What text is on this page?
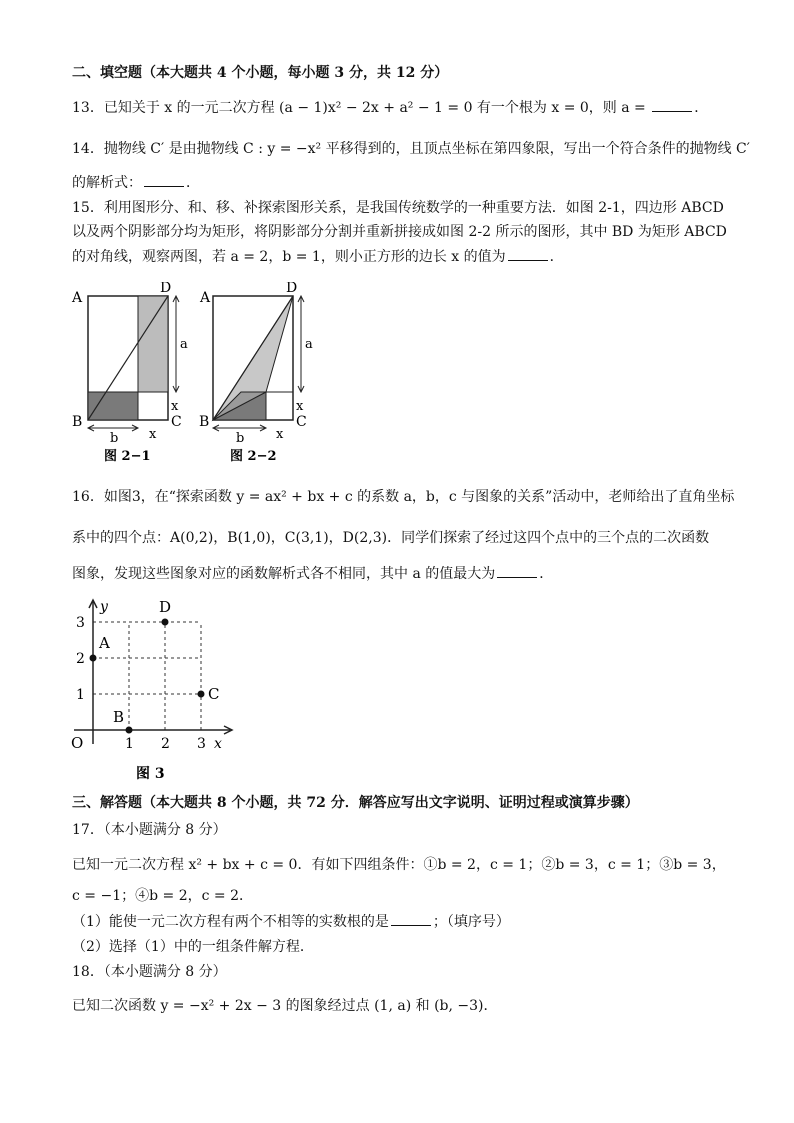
二、填空题（本大题共 4 个小题，每小题 3 分，共 12 分）
13．已知关于 x 的一元二次方程 (a − 1)x² − 2x + a² − 1 = 0 有一个根为 x = 0，则 a =	．
14．抛物线 C′ 是由抛物线 C : y = −x² 平移得到的，且顶点坐标在第四象限，写出一个符合条件的抛物线 C′
的解析式：	．
15．利用图形分、和、移、补探索图形关系，是我国传统数学的一种重要方法．如图 2-1，四边形 ABCD
以及两个阴影部分均为矩形，将阴影部分分割并重新拼接成如图 2-2 所示的图形，其中 BD 为矩形 ABCD
的对角线，观察两图，若 a = 2，b = 1，则小正方形的边长 x 的值为	．
A
D
B	C
a
x
b x
图 2−1
A
D
B	C
a
x
b x
图 2−2
16．如图3，在“探索函数 y = ax² + bx + c 的系数 a，b，c 与图象的关系”活动中，老师给出了直角坐标
系中的四个点：A(0,2)，B(1,0)，C(3,1)，D(2,3)．同学们探索了经过这四个点中的三个点的二次函数
图象，发现这些图象对应的函数解析式各不相同，其中 a 的值最大为	．
x
y
O	1 2 3
1
2
3
A
B
C
D
图 3
三、解答题（本大题共 8 个小题，共 72 分．解答应写出文字说明、证明过程或演算步骤）
17．（本小题满分 8 分）
已知一元二次方程 x² + bx + c = 0．有如下四组条件：①b = 2，c = 1；②b = 3，c = 1；③b = 3，
c = −1；④b = 2，c = 2．
（1）能使一元二次方程有两个不相等的实数根的是	；（填序号）
（2）选择（1）中的一组条件解方程．
18．（本小题满分 8 分）
已知二次函数 y = −x² + 2x − 3 的图象经过点 (1, a) 和 (b, −3)．
